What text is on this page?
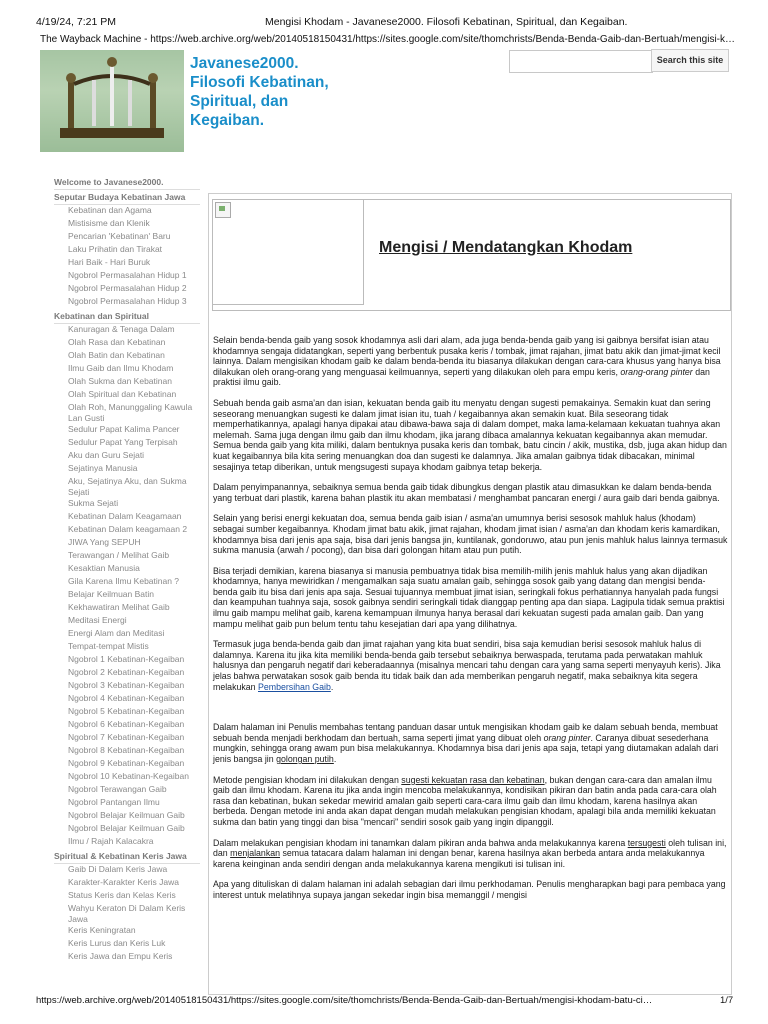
4/19/24, 7:21 PM	Mengisi Khodam - Javanese2000. Filosofi Kebatinan, Spiritual, dan Kegaiban.
The Wayback Machine - https://web.archive.org/web/20140518150431/https://sites.google.com/site/thomchrists/Benda-Benda-Gaib-dan-Bertuah/mengisi-k…
Javanese2000.
Filosofi Kebatinan,
Spiritual, dan
Kegaiban.
Search this site
Welcome to Javanese2000.
Seputar Budaya Kebatinan Jawa
Kebatinan dan Agama
Mistisisme dan Klenik
Pencarian 'Kebatinan' Baru
Laku Prihatin dan Tirakat
Hari Baik - Hari Buruk
Ngobrol Permasalahan Hidup 1
Ngobrol Permasalahan Hidup 2
Ngobrol Permasalahan Hidup 3
Kebatinan dan Spiritual
Kanuragan & Tenaga Dalam
Olah Rasa dan Kebatinan
Olah Batin dan Kebatinan
Ilmu Gaib dan Ilmu Khodam
Olah Sukma dan Kebatinan
Olah Spiritual dan Kebatinan
Olah Roh, Manunggaling Kawula Lan Gusti
Sedulur Papat Kalima Pancer
Sedulur Papat Yang Terpisah
Aku dan Guru Sejati
Sejatinya Manusia
Aku, Sejatinya Aku, dan Sukma Sejati
Sukma Sejati
Kebatinan Dalam Keagamaan
Kebatinan Dalam keagamaan 2
JIWA Yang SEPUH
Terawangan / Melihat Gaib
Kesaktian Manusia
Gila Karena Ilmu Kebatinan ?
Belajar Keilmuan Batin
Kekhawatiran Melihat Gaib
Meditasi Energi
Energi Alam dan Meditasi
Tempat-tempat Mistis
Ngobrol 1 Kebatinan-Kegaiban
Ngobrol 2 Kebatinan-Kegaiban
Ngobrol 3 Kebatinan-Kegaiban
Ngobrol 4 Kebatinan-Kegaiban
Ngobrol 5 Kebatinan-Kegaiban
Ngobrol 6 Kebatinan-Kegaiban
Ngobrol 7 Kebatinan-Kegaiban
Ngobrol 8 Kebatinan-Kegaiban
Ngobrol 9 Kebatinan-Kegaiban
Ngobrol 10 Kebatinan-Kegaiban
Ngobrol Terawangan Gaib
Ngobrol Pantangan Ilmu
Ngobrol Belajar Keilmuan Gaib
Ngobrol Belajar Keilmuan Gaib
Ilmu / Rajah Kalacakra
Spiritual & Kebatinan Keris Jawa
Gaib Di Dalam Keris Jawa
Karakter-Karakter Keris Jawa
Status Keris dan Kelas Keris
Wahyu Keraton Di Dalam Keris Jawa
Keris Keningratan
Keris Lurus dan Keris Luk
Keris Jawa dan Empu Keris
Mengisi / Mendatangkan Khodam

Selain benda-benda gaib yang sosok khodamnya asli dari alam, ada juga benda-benda gaib yang isi gaibnya bersifat isian atau khodamnya sengaja didatangkan, seperti yang berbentuk pusaka keris / tombak, jimat rajahan, jimat batu akik dan jimat-jimat kecil lainnya. Dalam mengisikan khodam gaib ke dalam benda-benda itu biasanya dilakukan dengan cara-cara khusus yang hanya bisa dilakukan oleh orang-orang yang menguasai keilmuannya, seperti yang dilakukan oleh para empu keris, orang-orang pinter dan praktisi ilmu gaib.

Sebuah benda gaib asma'an dan isian, kekuatan benda gaib itu menyatu dengan sugesti pemakainya. Semakin kuat dan sering seseorang menuangkan sugesti ke dalam jimat isian itu, tuah / kegaibannya akan semakin kuat. Bila seseorang tidak memperhatikannya, apalagi hanya dipakai atau dibawa-bawa saja di dalam dompet, maka lama-kelamaan kekuatan tuahnya akan melemah. Sama juga dengan ilmu gaib dan ilmu khodam, jika jarang dibaca amalannya kekuatan kegaibannya akan memudar. Semua benda gaib yang kita miliki, dalam bentuknya pusaka keris dan tombak, batu cincin / akik, mustika, dsb, juga akan hidup dan kuat kegaibannya bila kita sering menuangkan doa dan sugesti ke dalamnya. Jika amalan gaibnya tidak dibacakan, minimal sesajinya tetap diberikan, untuk mengsugesti supaya khodam gaibnya tetap bekerja.

Dalam penyimpanannya, sebaiknya semua benda gaib tidak dibungkus dengan plastik atau dimasukkan ke dalam benda-benda yang terbuat dari plastik, karena bahan plastik itu akan membatasi / menghambat pancaran energi / aura gaib dari benda gaibnya.

Selain yang berisi energi kekuatan doa, semua benda gaib isian / asma'an umumnya berisi sesosok mahluk halus (khodam) sebagai sumber kegaibannya. Khodam jimat batu akik, jimat rajahan, khodam jimat isian / asma'an dan khodam keris kamardikan, khodamnya bisa dari jenis apa saja, bisa dari jenis bangsa jin, kuntilanak, gondoruwo, atau pun jenis mahluk halus lainnya termasuk sukma manusia (arwah / pocong), dan bisa dari golongan hitam atau pun putih.

Bisa terjadi demikian, karena biasanya si manusia pembuatnya tidak bisa memilih-milih jenis mahluk halus yang akan dijadikan khodamnya, hanya mewiridkan / mengamalkan saja suatu amalan gaib, sehingga sosok gaib yang datang dan mengisi benda-benda gaib itu bisa dari jenis apa saja. Sesuai tujuannya membuat jimat isian, seringkali fokus perhatiannya hanyalah pada fungsi dan keampuhan tuahnya saja, sosok gaibnya sendiri seringkali tidak dianggap penting apa dan siapa. Lagipula tidak semua praktisi ilmu gaib mampu melihat gaib, karena kemampuan ilmunya hanya berasal dari kekuatan sugesti pada amalan gaib. Dan yang mampu melihat gaib pun belum tentu tahu kesejatian dari apa yang dilihatnya.

Termasuk juga benda-benda gaib dan jimat rajahan yang kita buat sendiri, bisa saja kemudian berisi sesosok mahluk halus di dalamnya. Karena itu jika kita memiliki benda-benda gaib tersebut sebaiknya berwaspada, terutama pada perwatakan mahluk halusnya dan pengaruh negatif dari keberadaannya (misalnya mencari tahu dengan cara yang sama seperti menyayuh keris). Jika jelas bahwa perwatakan sosok gaib benda itu tidak baik dan ada memberikan pengaruh negatif, maka sebaiknya kita segera melakukan Pembersihan Gaib.

Dalam halaman ini Penulis membahas tentang panduan dasar untuk mengisikan khodam gaib ke dalam sebuah benda, membuat sebuah benda menjadi berkhodam dan bertuah, sama seperti jimat yang dibuat oleh orang pinter. Caranya dibuat sesederhana mungkin, sehingga orang awam pun bisa melakukannya. Khodamnya bisa dari jenis apa saja, tetapi yang diutamakan adalah dari jenis bangsa jin golongan putih.

Metode pengisian khodam ini dilakukan dengan sugesti kekuatan rasa dan kebatinan, bukan dengan cara-cara dan amalan ilmu gaib dan ilmu khodam. Karena itu jika anda ingin mencoba melakukannya, kondisikan pikiran dan batin anda pada cara-cara olah rasa dan kebatinan, bukan sekedar mewirid amalan gaib seperti cara-cara ilmu gaib dan ilmu khodam, karena hasilnya akan berbeda. Dengan metode ini anda akan dapat dengan mudah melakukan pengisian khodam, apalagi bila anda memiliki kekuatan sukma dan batin yang tinggi dan bisa "mencari" sendiri sosok gaib yang ingin dipanggil.

Dalam melakukan pengisian khodam ini tanamkan dalam pikiran anda bahwa anda melakukannya karena tersugesti oleh tulisan ini, dan menjalankan semua tatacara dalam halaman ini dengan benar, karena hasilnya akan berbeda antara anda melakukannya karena keinginan anda sendiri dengan anda melakukannya karena mengikuti isi tulisan ini.

Apa yang dituliskan di dalam halaman ini adalah sebagian dari ilmu perkhodaman. Penulis mengharapkan bagi para pembaca yang interest untuk melatihnya supaya jangan sekedar ingin bisa memanggil / mengisi

https://web.archive.org/web/20140518150431/https://sites.google.com/site/thomchrists/Benda-Benda-Gaib-dan-Bertuah/mengisi-khodam-batu-ci…	1/7
